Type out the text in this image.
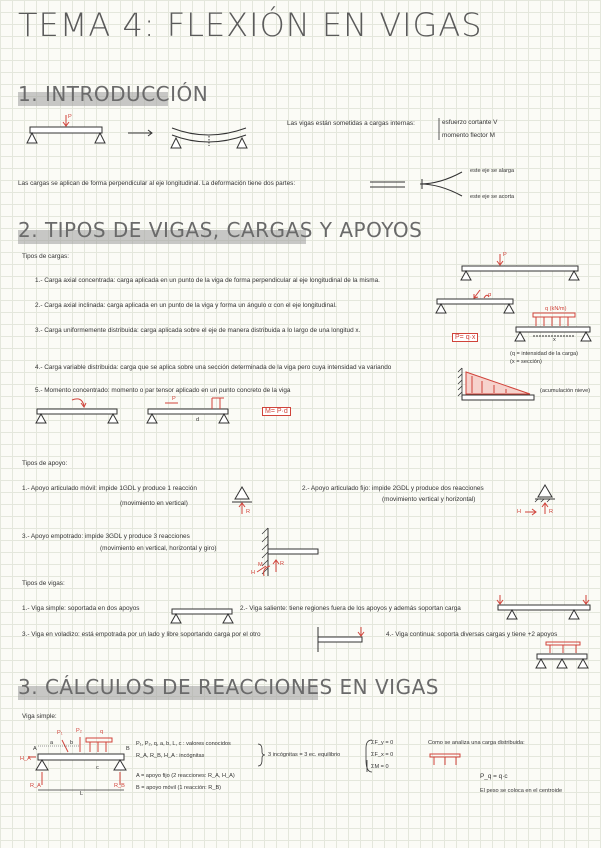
TEMA 4: FLEXIÓN EN VIGAS
1. INTRODUCCIÓN
P
Las vigas están sometidas a cargas internas:	esfuerzo cortante V
momento flector M
Las cargas se aplican de forma perpendicular al eje longitudinal. La deformación tiene dos partes:
este eje se alarga
este eje se acorta
2. TIPOS DE VIGAS, CARGAS Y APOYOS
Tipos de cargas:
1.- Carga axial concentrada: carga aplicada en un punto de la viga de forma perpendicular al eje longitudinal de la misma.
2.- Carga axial inclinada: carga aplicada en un punto de la viga y forma un ángulo α con el eje longitudinal.
3.- Carga uniformemente distribuida: carga aplicada sobre el eje de manera distribuida a lo largo de una longitud x.
4.- Carga variable distribuida: carga que se aplica sobre una sección determinada de la viga pero cuya intensidad va variando
5.- Momento concentrado: momento o par tensor aplicado en un punto concreto de la viga
P= q·x
(q = intensidad de la carga)
(x = sección)
(acumulación nieve)
M= P·d
q (kN/m)
x
α
P
P
d
Tipos de apoyo:
1.- Apoyo articulado móvil: impide 1GDL y produce 1 reacción
(movimiento en vertical)
2.- Apoyo articulado fijo: impide 2GDL y produce dos reacciones
(movimiento vertical y horizontal)
3.- Apoyo empotrado: impide 3GDL y produce 3 reacciones
(movimiento en vertical, horizontal y giro)
R	R
H
R
H
M
Tipos de vigas:
1.- Viga simple: soportada en dos apoyos	2.- Viga saliente: tiene regiones fuera de los apoyos y además soportan carga
3.- Viga en voladizo: está empotrada por un lado y libre soportando carga por el otro	4.- Viga continua: soporta diversas cargas y tiene +2 apoyos
3. CÁLCULOS DE REACCIONES EN VIGAS
Viga simple:
P₁, P₂, q, a, b, L, c : valores conocidos
R_A, R_B, H_A : incógnitas	3 incógnitas = 3 ec. equilibrio
ΣF_y = 0
ΣF_x = 0
ΣM = 0
A = apoyo fijo (2 reacciones: R_A, H_A)
B = apoyo móvil (1 reacción: R_B)
Como se analiza una carga distribuida:
P_q = q·c
El peso se coloca en el centroide
P₁ P₂	q
A	B
H_A
R_A	R_B
L
a	b
c
